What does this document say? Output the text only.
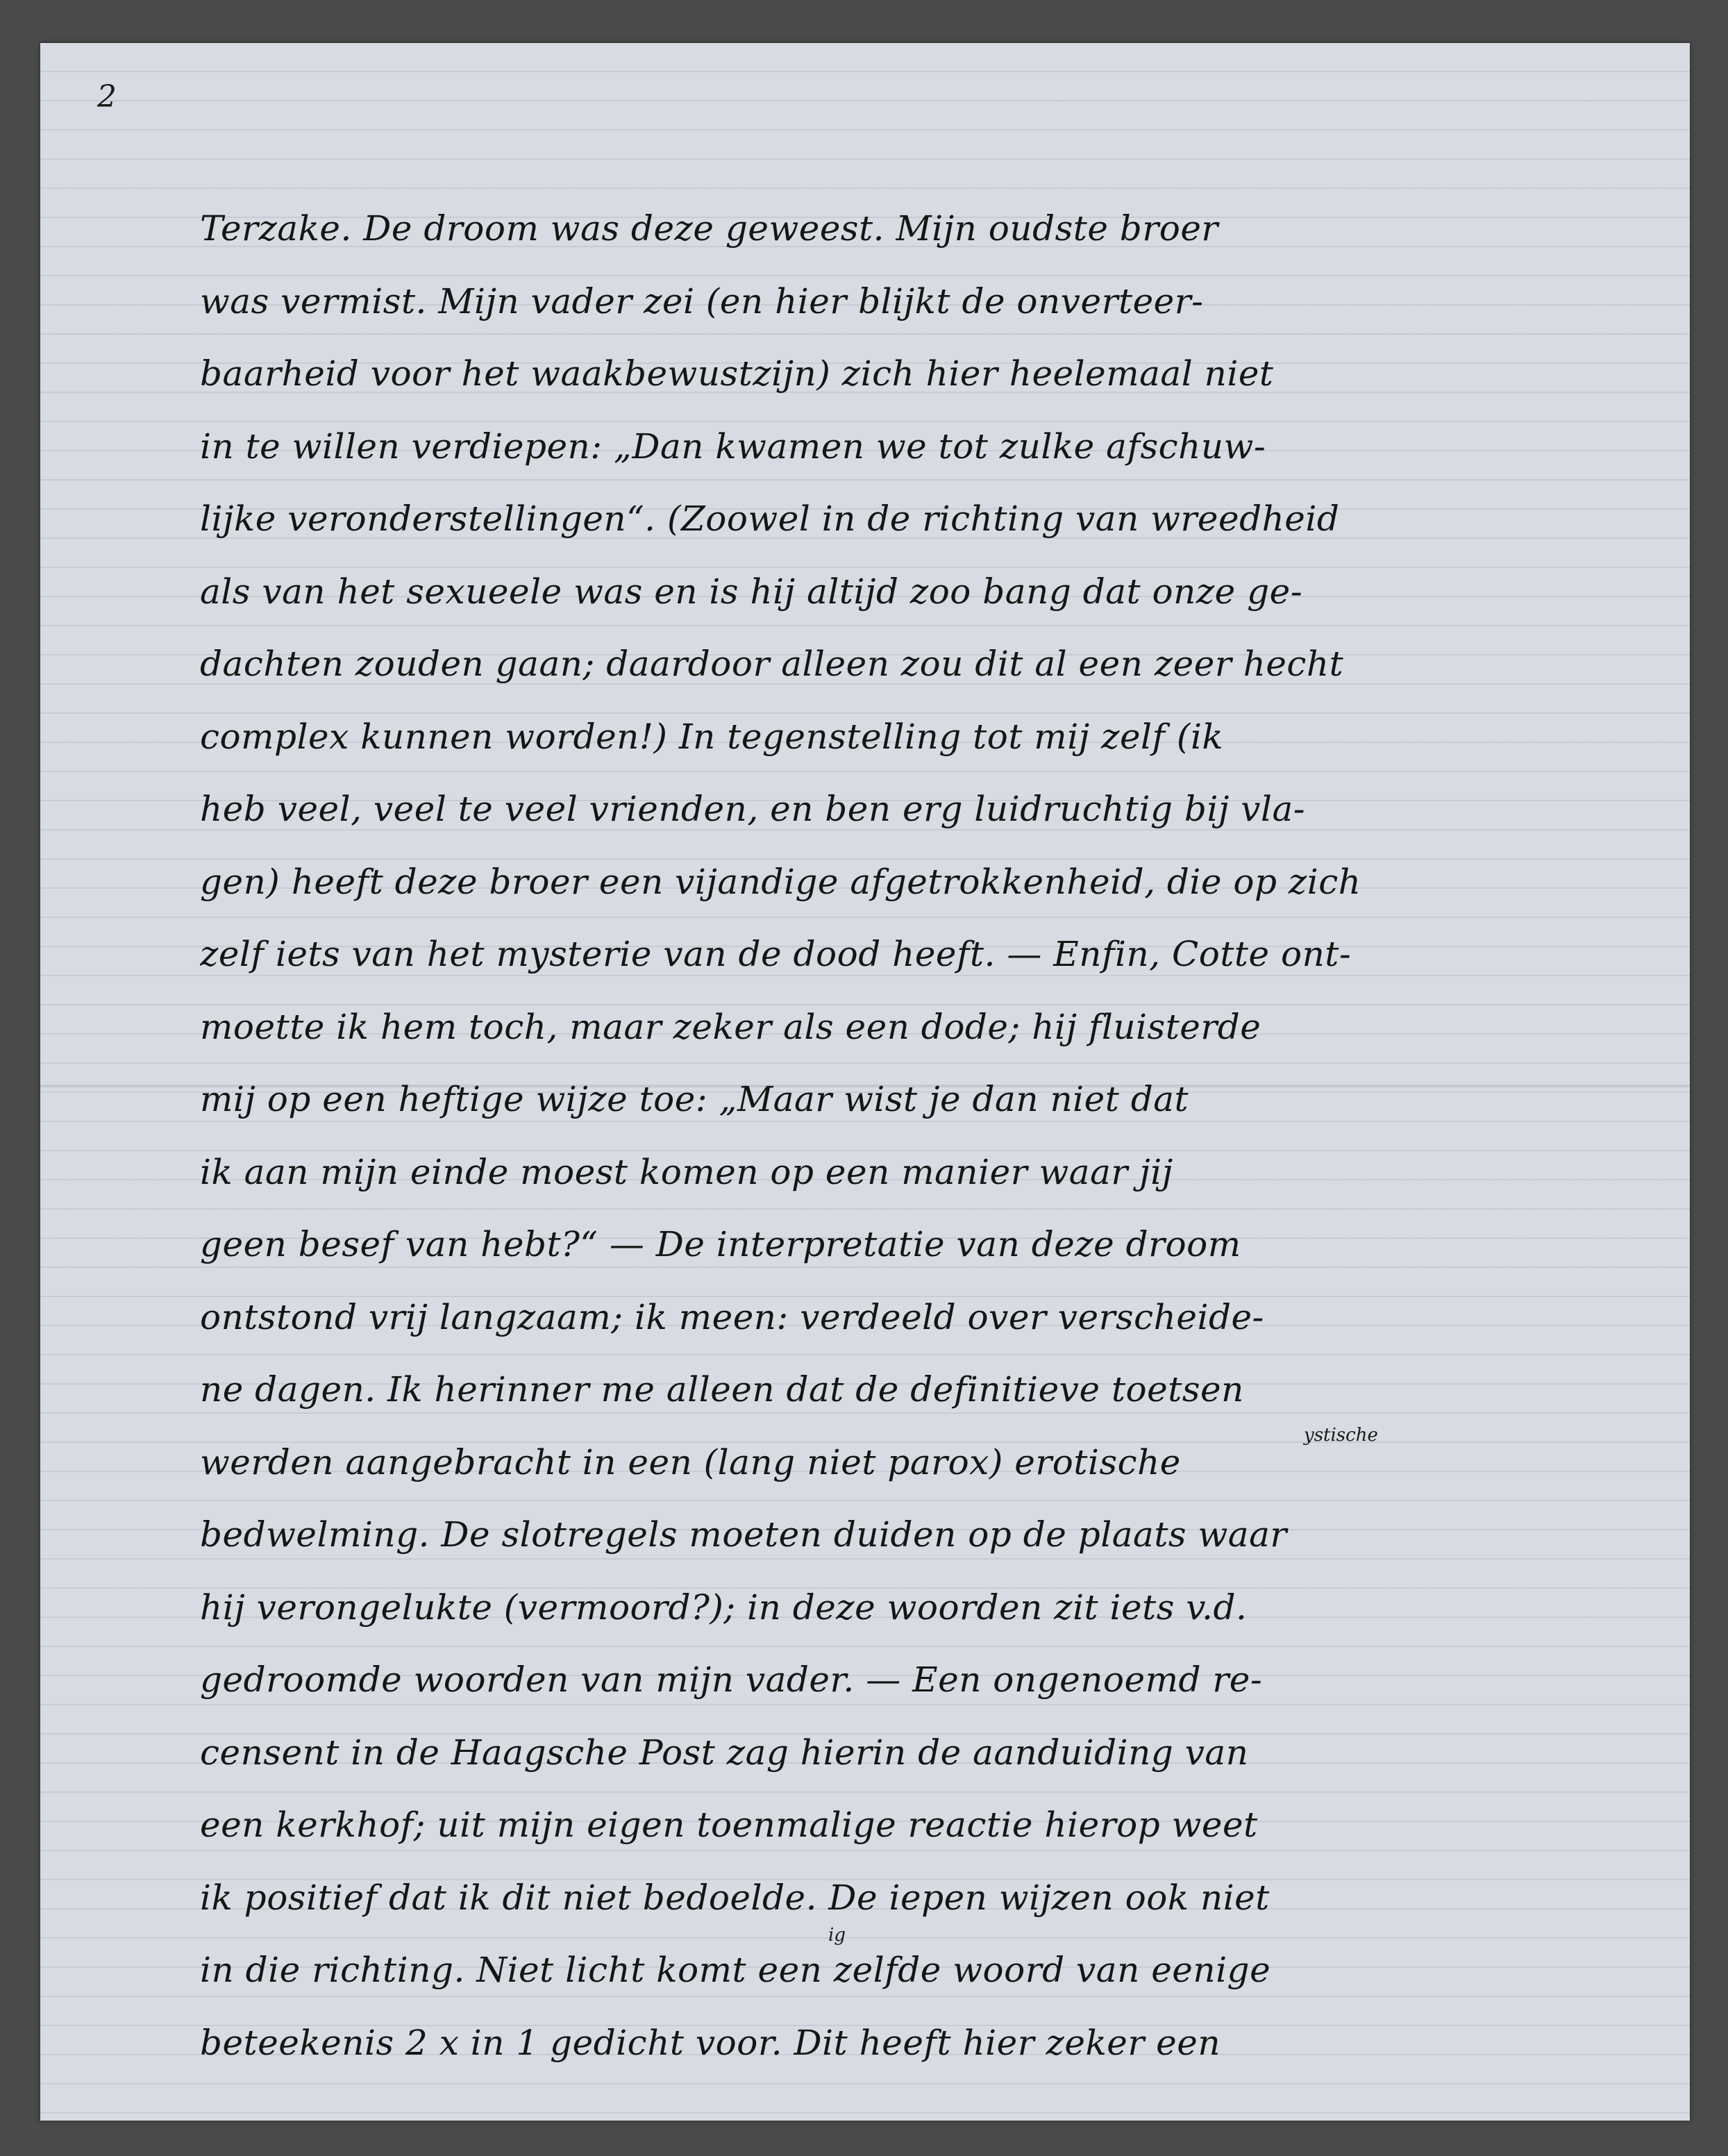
2
ystische
ig
Terzake. De droom was deze geweest. Mijn oudste broer
was vermist. Mijn vader zei (en hier blijkt de onverteer-
baarheid voor het waakbewustzijn) zich hier heelemaal niet
in te willen verdiepen: „Dan kwamen we tot zulke afschuw-
lijke veronderstellingen“. (Zoowel in de richting van wreedheid
als van het sexueele was en is hij altijd zoo bang dat onze ge-
dachten zouden gaan; daardoor alleen zou dit al een zeer hecht
complex kunnen worden!) In tegenstelling tot mij zelf (ik
heb veel, veel te veel vrienden, en ben erg luidruchtig bij vla-
gen) heeft deze broer een vijandige afgetrokkenheid, die op zich
zelf iets van het mysterie van de dood heeft. — Enfin, Cotte ont-
moette ik hem toch, maar zeker als een dode; hij fluisterde
mij op een heftige wijze toe: „Maar wist je dan niet dat
ik aan mijn einde moest komen op een manier waar jij
geen besef van hebt?“ — De interpretatie van deze droom
ontstond vrij langzaam; ik meen: verdeeld over verscheide-
ne dagen. Ik herinner me alleen dat de definitieve toetsen
werden aangebracht in een (lang niet parox) erotische
bedwelming. De slotregels moeten duiden op de plaats waar
hij verongelukte (vermoord?); in deze woorden zit iets v.d.
gedroomde woorden van mijn vader. — Een ongenoemd re-
censent in de Haagsche Post zag hierin de aanduiding van
een kerkhof; uit mijn eigen toenmalige reactie hierop weet
ik positief dat ik dit niet bedoelde. De iepen wijzen ook niet
in die richting. Niet licht komt een zelfde woord van eenige
beteekenis 2 x in 1 gedicht voor. Dit heeft hier zeker een
